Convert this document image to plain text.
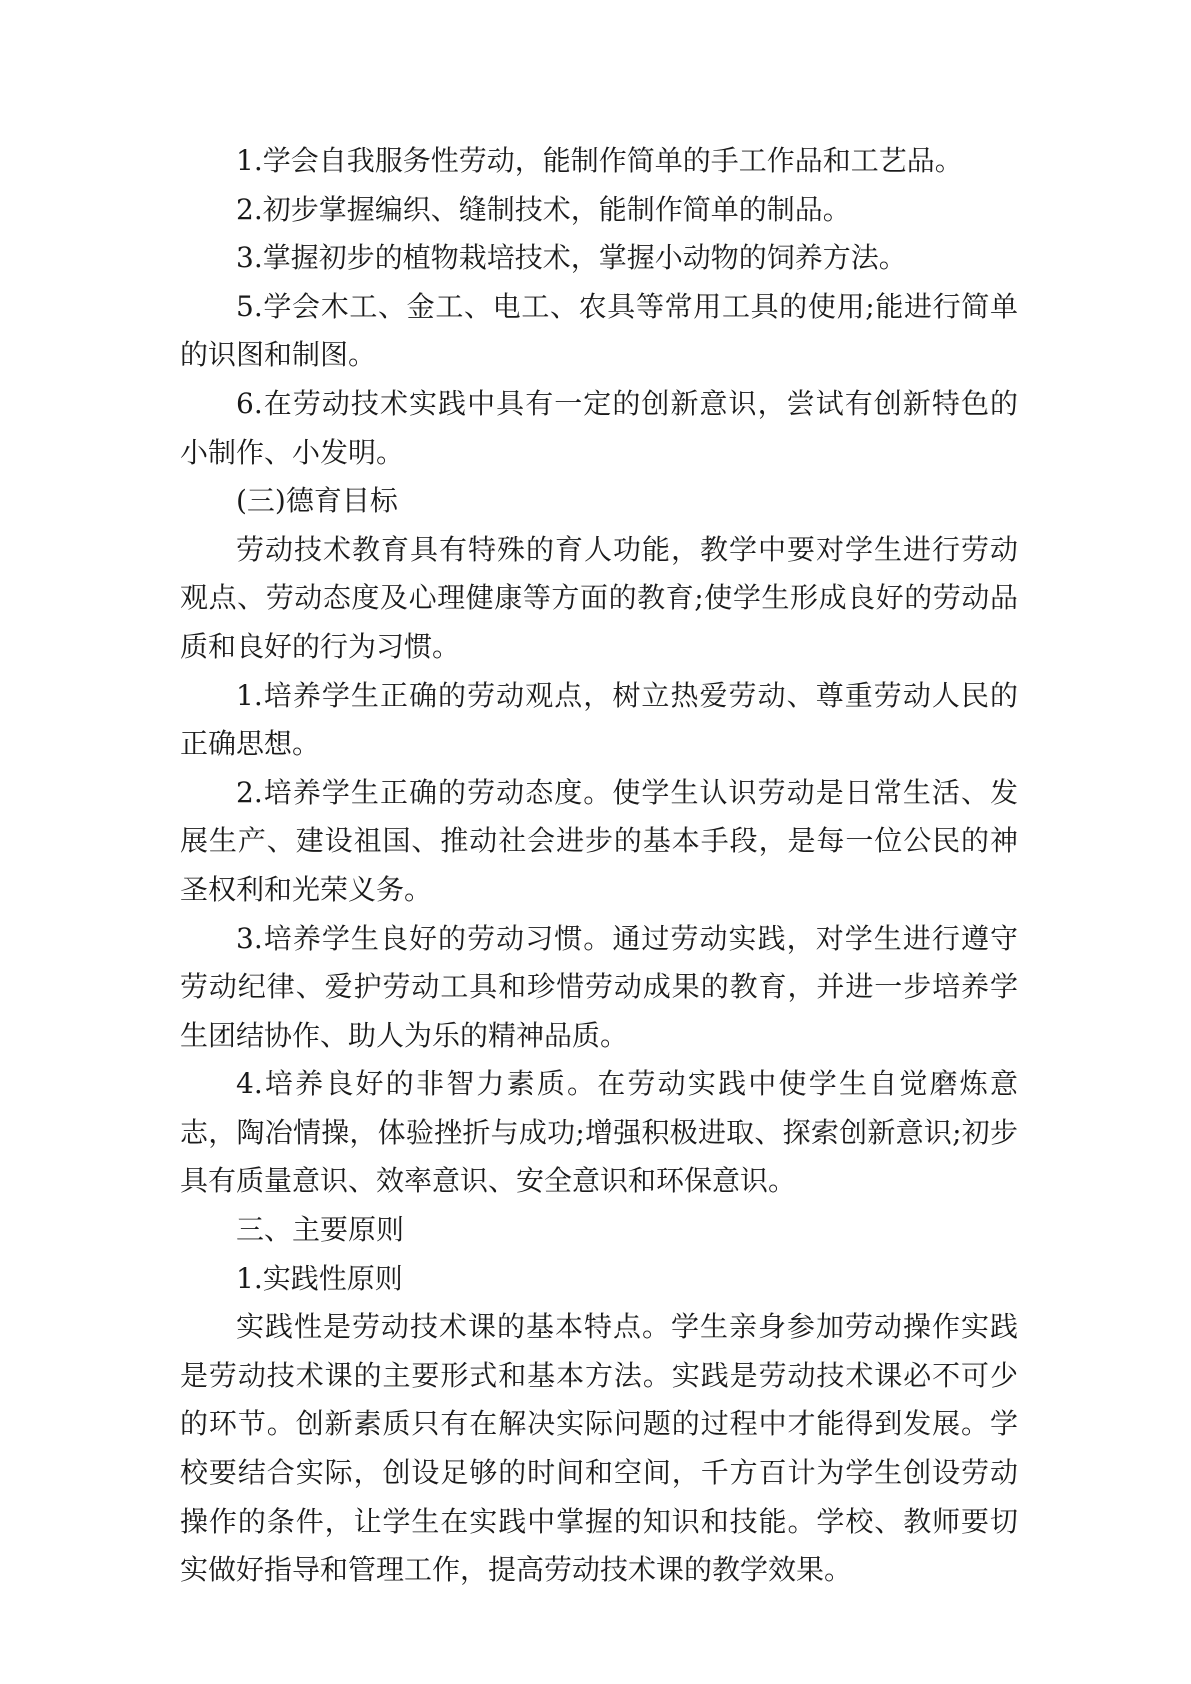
1.学会自我服务性劳动，能制作简单的手工作品和工艺品。

2.初步掌握编织、缝制技术，能制作简单的制品。

3.掌握初步的植物栽培技术，掌握小动物的饲养方法。

5.学会木工、金工、电工、农具等常用工具的使用;能进行简单的识图和制图。

6.在劳动技术实践中具有一定的创新意识，尝试有创新特色的小制作、小发明。

(三)德育目标

劳动技术教育具有特殊的育人功能，教学中要对学生进行劳动观点、劳动态度及心理健康等方面的教育;使学生形成良好的劳动品质和良好的行为习惯。

1.培养学生正确的劳动观点，树立热爱劳动、尊重劳动人民的正确思想。

2.培养学生正确的劳动态度。使学生认识劳动是日常生活、发展生产、建设祖国、推动社会进步的基本手段，是每一位公民的神圣权利和光荣义务。

3.培养学生良好的劳动习惯。通过劳动实践，对学生进行遵守劳动纪律、爱护劳动工具和珍惜劳动成果的教育，并进一步培养学生团结协作、助人为乐的精神品质。

4.培养良好的非智力素质。在劳动实践中使学生自觉磨炼意志，陶冶情操，体验挫折与成功;增强积极进取、探索创新意识;初步具有质量意识、效率意识、安全意识和环保意识。

三、主要原则

1.实践性原则

实践性是劳动技术课的基本特点。学生亲身参加劳动操作实践是劳动技术课的主要形式和基本方法。实践是劳动技术课必不可少的环节。创新素质只有在解决实际问题的过程中才能得到发展。学校要结合实际，创设足够的时间和空间，千方百计为学生创设劳动操作的条件，让学生在实践中掌握的知识和技能。学校、教师要切实做好指导和管理工作，提高劳动技术课的教学效果。
